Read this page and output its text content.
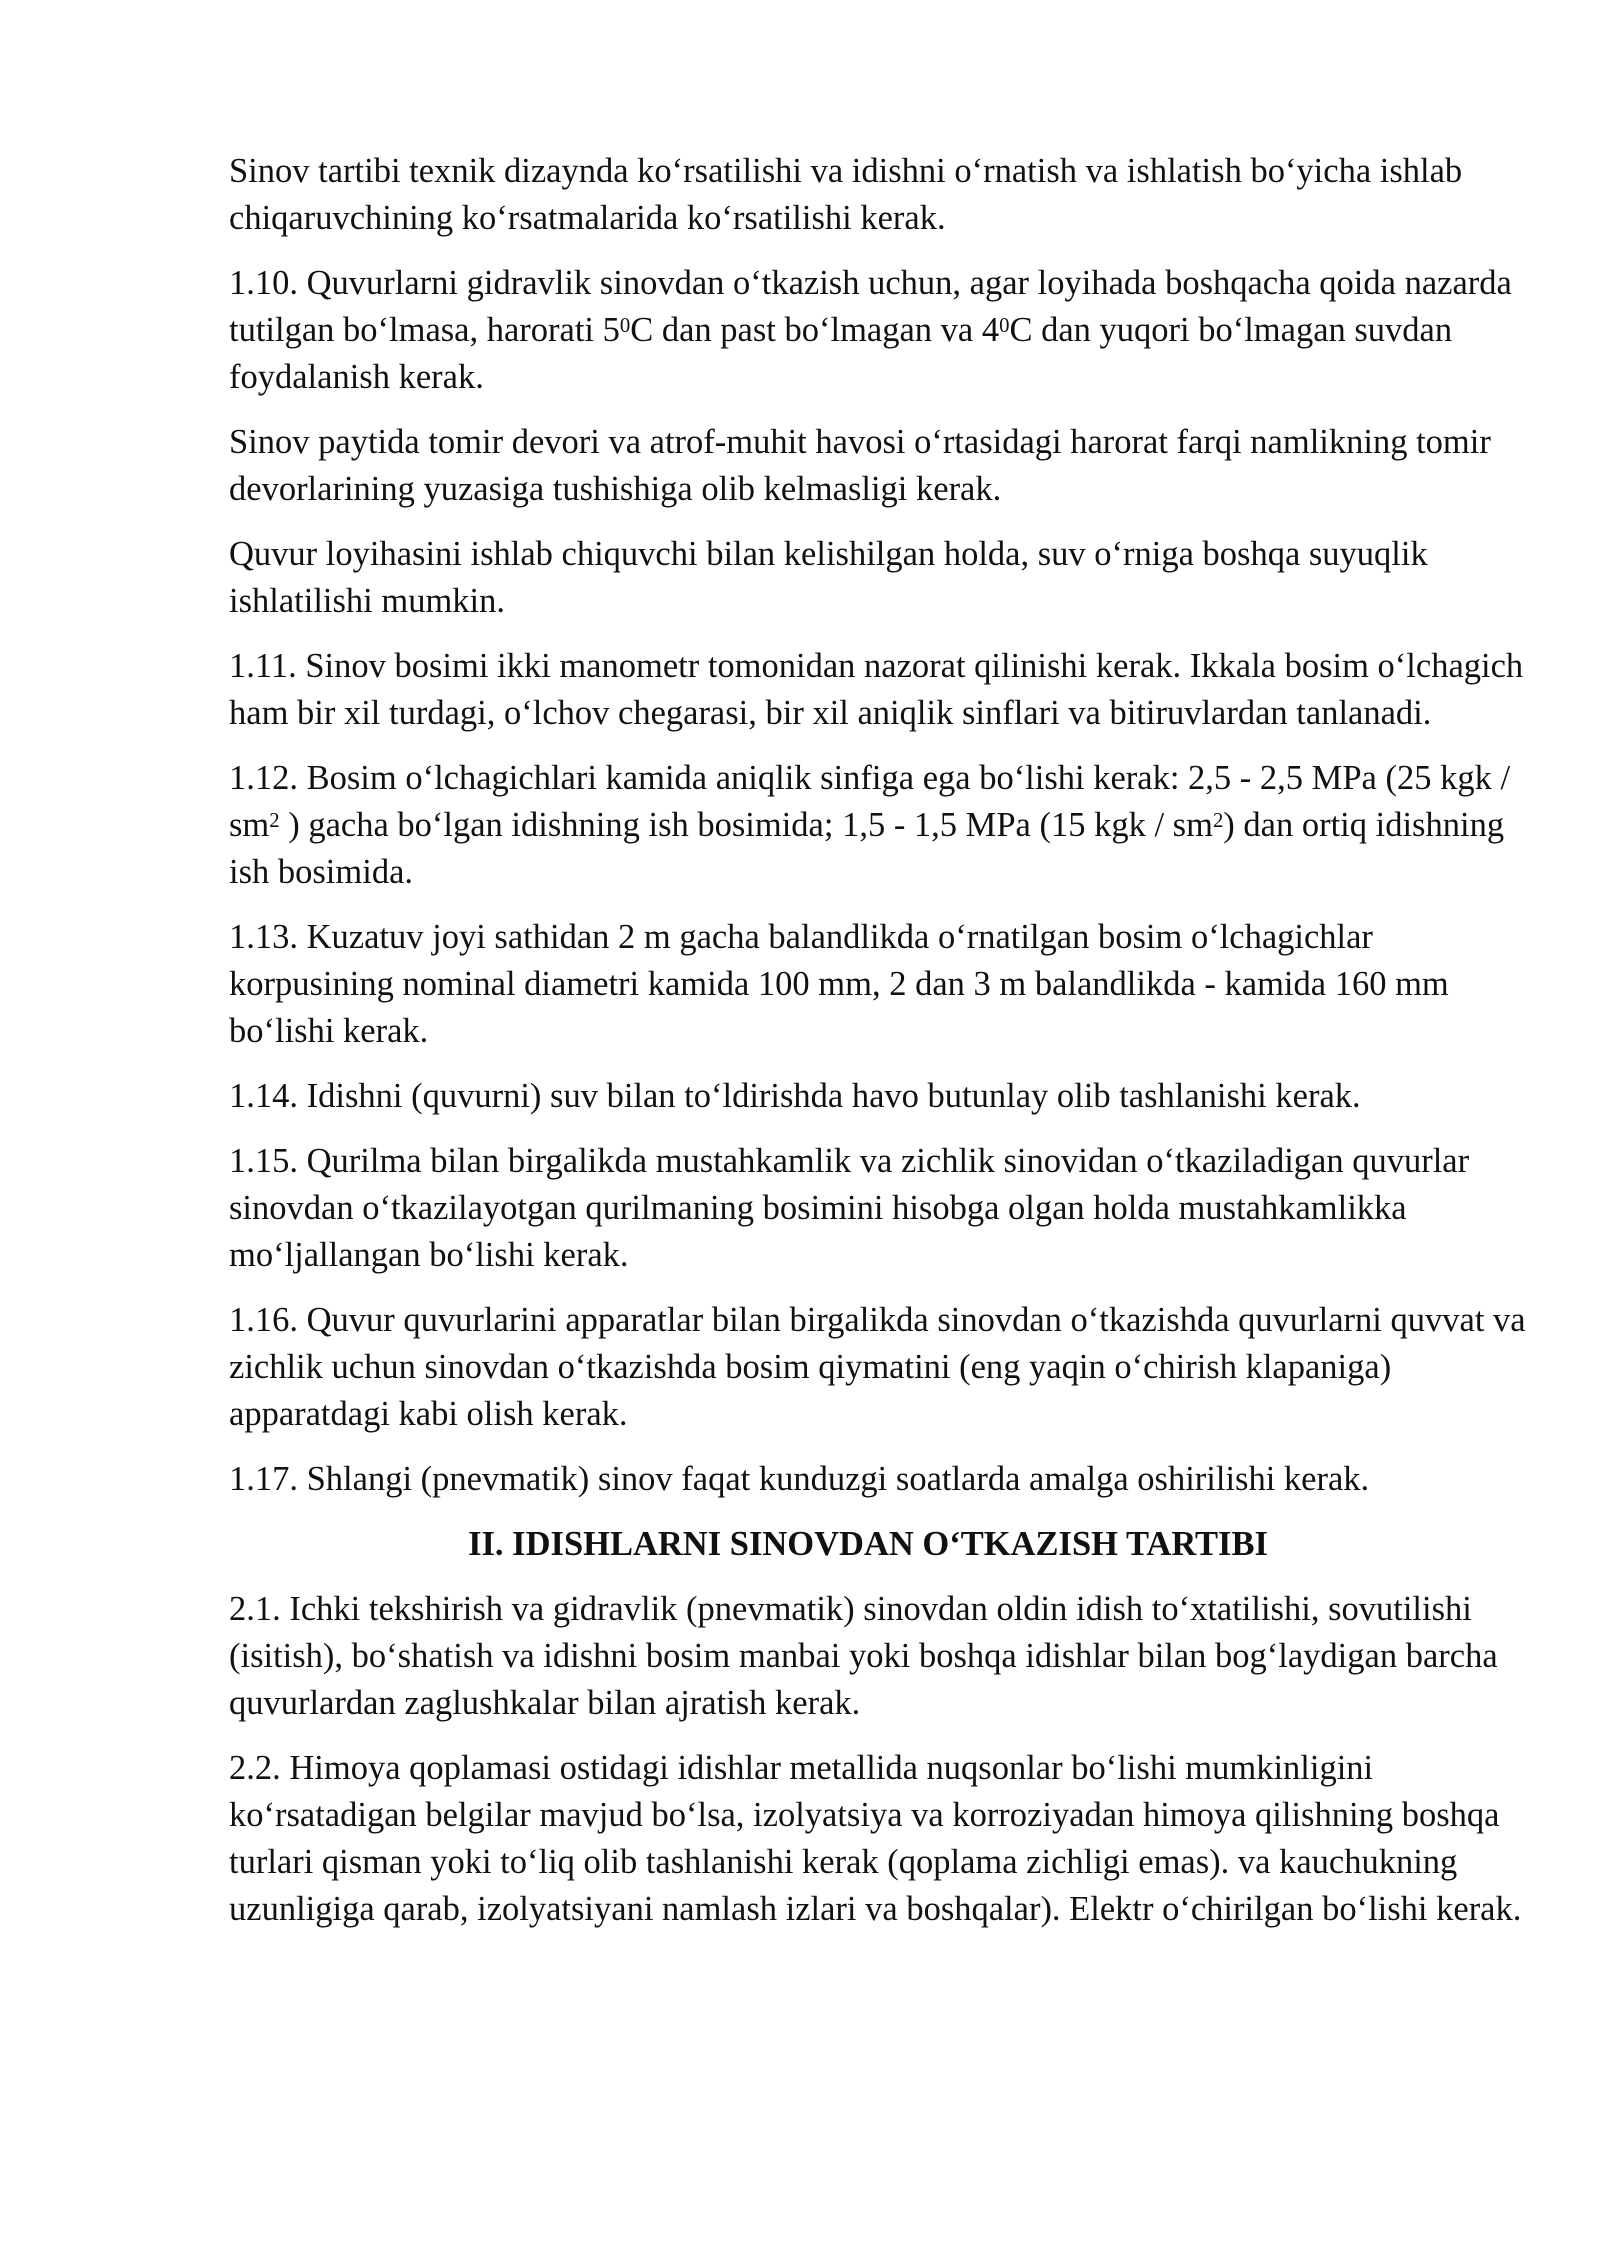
Sinov tartibi texnik dizaynda koʻrsatilishi va idishni oʻrnatish va ishlatish boʻyicha ishlab chiqaruvchining koʻrsatmalarida koʻrsatilishi kerak.

1.10. Quvurlarni gidravlik sinovdan oʻtkazish uchun, agar loyihada boshqacha qoida nazarda tutilgan boʻlmasa, harorati $5^0C$ dan past boʻlmagan va $4^0C$ dan yuqori boʻlmagan suvdan foydalanish kerak.

Sinov paytida tomir devori va atrof-muhit havosi oʻrtasidagi harorat farqi namlikning tomir devorlarining yuzasiga tushishiga olib kelmasligi kerak.

Quvur loyihasini ishlab chiquvchi bilan kelishilgan holda, suv oʻrniga boshqa suyuqlik ishlatilishi mumkin.

1.11. Sinov bosimi ikki manometr tomonidan nazorat qilinishi kerak. Ikkala bosim oʻlchagich ham bir xil turdagi, oʻlchov chegarasi, bir xil aniqlik sinflari va bitiruvlardan tanlanadi.

1.12. Bosim oʻlchagichlari kamida aniqlik sinfiga ega boʻlishi kerak: 2,5 - 2,5 MPa (25 kgk / $sm^2$ ) gacha boʻlgan idishning ish bosimida; 1,5 - 1,5 MPa (15 kgk / $sm^2$) dan ortiq idishning ish bosimida.

1.13. Kuzatuv joyi sathidan 2 m gacha balandlikda oʻrnatilgan bosim oʻlchagichlar korpusining nominal diametri kamida 100 mm, 2 dan 3 m balandlikda - kamida 160 mm boʻlishi kerak.

1.14. Idishni (quvurni) suv bilan toʻldirishda havo butunlay olib tashlanishi kerak.

1.15. Qurilma bilan birgalikda mustahkamlik va zichlik sinovidan oʻtkaziladigan quvurlar sinovdan oʻtkazilayotgan qurilmaning bosimini hisobga olgan holda mustahkamlikka moʻljallangan boʻlishi kerak.

1.16. Quvur quvurlarini apparatlar bilan birgalikda sinovdan oʻtkazishda quvurlarni quvvat va zichlik uchun sinovdan oʻtkazishda bosim qiymatini (eng yaqin oʻchirish klapaniga) apparatdagi kabi olish kerak.

1.17. Shlangi (pnevmatik) sinov faqat kunduzgi soatlarda amalga oshirilishi kerak.

II. IDISHLARNI SINOVDAN OʻTKAZISH TARTIBI

2.1. Ichki tekshirish va gidravlik (pnevmatik) sinovdan oldin idish toʻxtatilishi, sovutilishi (isitish), boʻshatish va idishni bosim manbai yoki boshqa idishlar bilan bogʻlaydigan barcha quvurlardan zaglushkalar bilan ajratish kerak.

2.2. Himoya qoplamasi ostidagi idishlar metallida nuqsonlar boʻlishi mumkinligini koʻrsatadigan belgilar mavjud boʻlsa, izolyatsiya va korroziyadan himoya qilishning boshqa turlari qisman yoki toʻliq olib tashlanishi kerak (qoplama zichligi emas). va kauchukning uzunligiga qarab, izolyatsiyani namlash izlari va boshqalar). Elektr oʻchirilgan boʻlishi kerak.
